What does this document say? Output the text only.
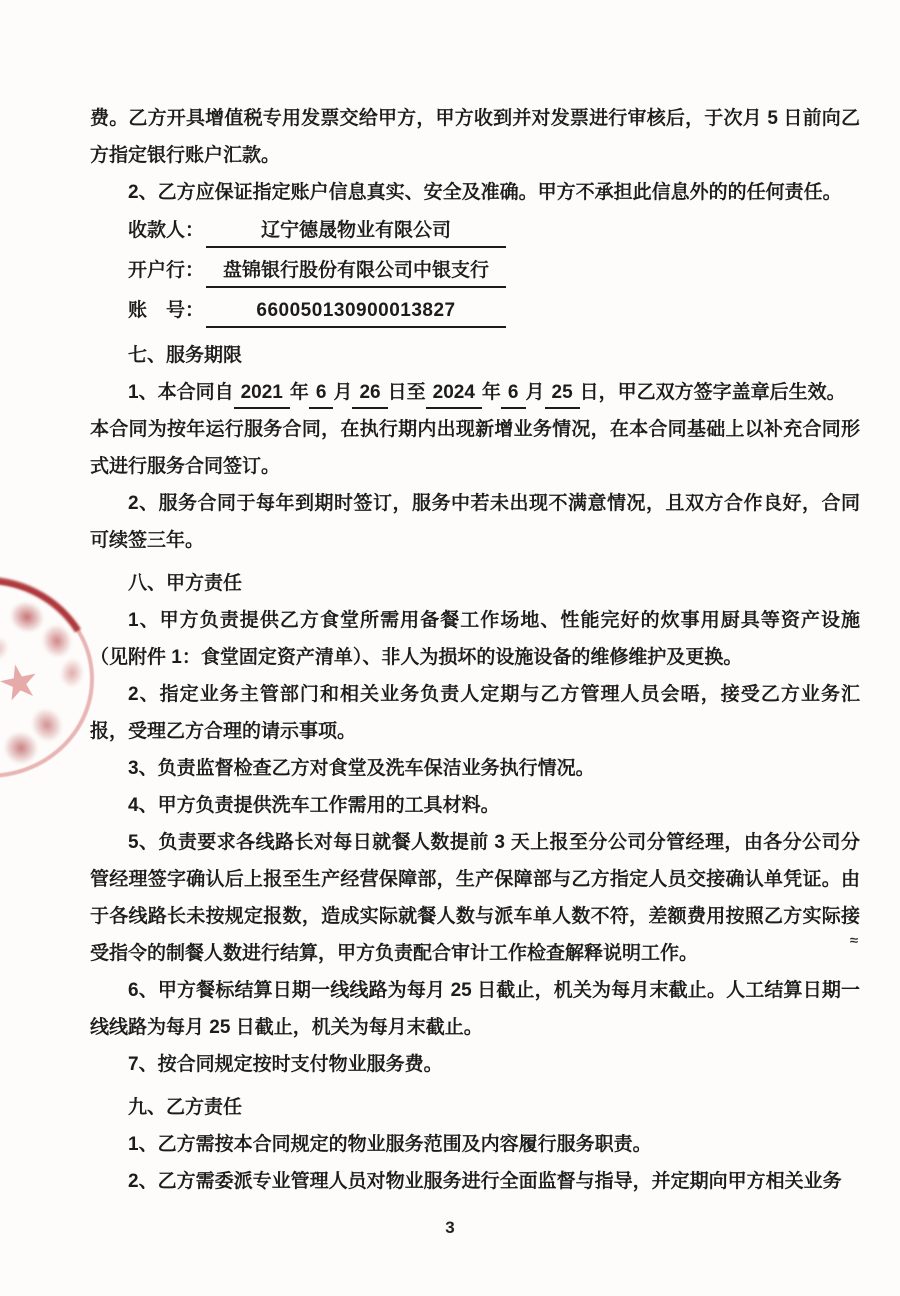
费。乙方开具增值税专用发票交给甲方，甲方收到并对发票进行审核后，于次月 5 日前向乙方指定银行账户汇款。

2、乙方应保证指定账户信息真实、安全及准确。甲方不承担此信息外的的任何责任。

收款人：	辽宁德晟物业有限公司
开户行： 盘锦银行股份有限公司中银支行
账　号：	660050130900013827

七、服务期限

1、本合同自 2021 年 6 月 26 日至 2024 年 6 月 25 日，甲乙双方签字盖章后生效。

本合同为按年运行服务合同，在执行期内出现新增业务情况，在本合同基础上以补充合同形式进行服务合同签订。

2、服务合同于每年到期时签订，服务中若未出现不满意情况，且双方合作良好，合同可续签三年。

八、甲方责任

1、甲方负责提供乙方食堂所需用备餐工作场地、性能完好的炊事用厨具等资产设施（见附件 1：食堂固定资产清单）、非人为损坏的设施设备的维修维护及更换。

2、指定业务主管部门和相关业务负责人定期与乙方管理人员会晤，接受乙方业务汇报，受理乙方合理的请示事项。

3、负责监督检查乙方对食堂及洗车保洁业务执行情况。

4、甲方负责提供洗车工作需用的工具材料。

5、负责要求各线路长对每日就餐人数提前 3 天上报至分公司分管经理，由各分公司分管经理签字确认后上报至生产经营保障部，生产保障部与乙方指定人员交接确认单凭证。由于各线路长未按规定报数，造成实际就餐人数与派车单人数不符，差额费用按照乙方实际接受指令的制餐人数进行结算，甲方负责配合审计工作检查解释说明工作。

6、甲方餐标结算日期一线线路为每月 25 日截止，机关为每月末截止。人工结算日期一线线路为每月 25 日截止，机关为每月末截止。

7、按合同规定按时支付物业服务费。

九、乙方责任

1、乙方需按本合同规定的物业服务范围及内容履行服务职责。

2、乙方需委派专业管理人员对物业服务进行全面监督与指导，并定期向甲方相关业务

≈
3
